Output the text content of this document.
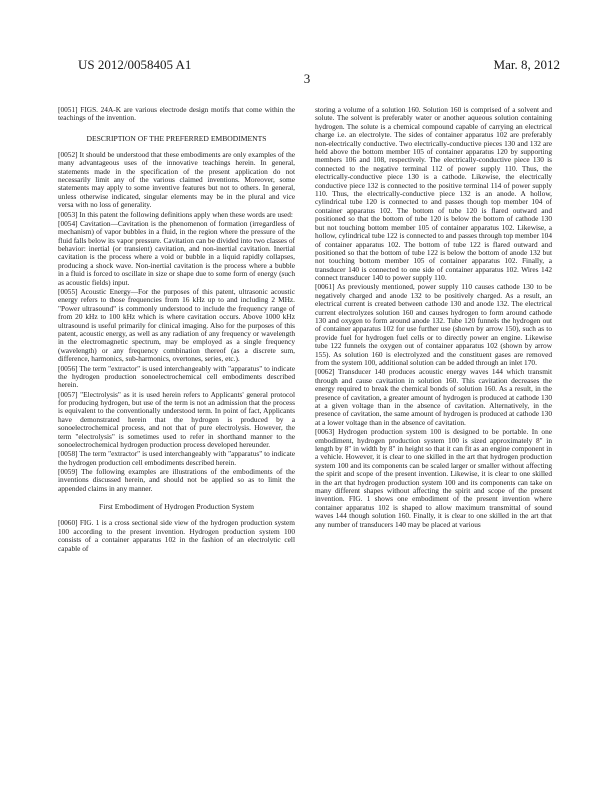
US 2012/0058405 A1	Mar. 8, 2012
3

[0051] FIGS. 24A-K are various electrode design motifs that come within the teachings of the invention.

DESCRIPTION OF THE PREFERRED EMBODIMENTS

[0052] It should be understood that these embodiments are only examples of the many advantageous uses of the innovative teachings herein. In general, statements made in the specification of the present application do not necessarily limit any of the various claimed inventions. Moreover, some statements may apply to some inventive features but not to others. In general, unless otherwise indicated, singular elements may be in the plural and vice versa with no loss of generality.

[0053] In this patent the following definitions apply when these words are used:

[0054] Cavitation—Cavitation is the phenomenon of formation (irregardless of mechanism) of vapor bubbles in a fluid, in the region where the pressure of the fluid falls below its vapor pressure. Cavitation can be divided into two classes of behavior: inertial (or transient) cavitation, and non-inertial cavitation. Inertial cavitation is the process where a void or bubble in a liquid rapidly collapses, producing a shock wave. Non-inertial cavitation is the process where a bubble in a fluid is forced to oscillate in size or shape due to some form of energy (such as acoustic fields) input.

[0055] Acoustic Energy—For the purposes of this patent, ultrasonic acoustic energy refers to those frequencies from 16 kHz up to and including 2 MHz. "Power ultrasound" is commonly understood to include the frequency range of from 20 kHz to 100 kHz which is where cavitation occurs. Above 1000 kHz ultrasound is useful primarily for clinical imaging. Also for the purposes of this patent, acoustic energy, as well as any radiation of any frequency or wavelength in the electromagnetic spectrum, may be employed as a single frequency (wavelength) or any frequency combination thereof (as a discrete sum, difference, harmonics, sub-harmonics, overtones, series, etc.).

[0056] The term "extractor" is used interchangeably with "apparatus" to indicate the hydrogen production sonoelectrochemical cell embodiments described herein.

[0057] "Electrolysis" as it is used herein refers to Applicants' general protocol for producing hydrogen, but use of the term is not an admission that the process is equivalent to the conventionally understood term. In point of fact, Applicants have demonstrated herein that the hydrogen is produced by a sonoelectrochemical process, and not that of pure electrolysis. However, the term "electrolysis" is sometimes used to refer in shorthand manner to the sonoelectrochemical hydrogen production process developed hereunder.

[0058] The term "extractor" is used interchangeably with "apparatus" to indicate the hydrogen production cell embodiments described herein.

[0059] The following examples are illustrations of the embodiments of the inventions discussed herein, and should not be applied so as to limit the appended claims in any manner.

First Embodiment of Hydrogen Production System

[0060] FIG. 1 is a cross sectional side view of the hydrogen production system 100 according to the present invention. Hydrogen production system 100 consists of a container apparatus 102 in the fashion of an electrolytic cell capable of

storing a volume of a solution 160. Solution 160 is comprised of a solvent and solute. The solvent is preferably water or another aqueous solution containing hydrogen. The solute is a chemical compound capable of carrying an electrical charge i.e. an electrolyte. The sides of container apparatus 102 are preferably non-electrically conductive. Two electrically-conductive pieces 130 and 132 are held above the bottom member 105 of container apparatus 120 by supporting members 106 and 108, respectively. The electrically-conductive piece 130 is connected to the negative terminal 112 of power supply 110. Thus, the electrically-conductive piece 130 is a cathode. Likewise, the electrically conductive piece 132 is connected to the positive terminal 114 of power supply 110. Thus, the electrically-conductive piece 132 is an anode. A hollow, cylindrical tube 120 is connected to and passes though top member 104 of container apparatus 102. The bottom of tube 120 is flared outward and positioned so that the bottom of tube 120 is below the bottom of cathode 130 but not touching bottom member 105 of container apparatus 102. Likewise, a hollow, cylindrical tube 122 is connected to and passes through top member 104 of container apparatus 102. The bottom of tube 122 is flared outward and positioned so that the bottom of tube 122 is below the bottom of anode 132 but not touching bottom member 105 of container apparatus 102. Finally, a transducer 140 is connected to one side of container apparatus 102. Wires 142 connect transducer 140 to power supply 110.

[0061] As previously mentioned, power supply 110 causes cathode 130 to be negatively charged and anode 132 to be positively charged. As a result, an electrical current is created between cathode 130 and anode 132. The electrical current electrolyzes solution 160 and causes hydrogen to form around cathode 130 and oxygen to form around anode 132. Tube 120 funnels the hydrogen out of container apparatus 102 for use further use (shown by arrow 150), such as to provide fuel for hydrogen fuel cells or to directly power an engine. Likewise tube 122 funnels the oxygen out of container apparatus 102 (shown by arrow 155). As solution 160 is electrolyzed and the constituent gases are removed from the system 100, additional solution can be added through an inlet 170.

[0062] Transducer 140 produces acoustic energy waves 144 which transmit through and cause cavitation in solution 160. This cavitation decreases the energy required to break the chemical bonds of solution 160. As a result, in the presence of cavitation, a greater amount of hydrogen is produced at cathode 130 at a given voltage than in the absence of cavitation. Alternatively, in the presence of cavitation, the same amount of hydrogen is produced at cathode 130 at a lower voltage than in the absence of cavitation.

[0063] Hydrogen production system 100 is designed to be portable. In one embodiment, hydrogen production system 100 is sized approximately 8" in length by 8" in width by 8" in height so that it can fit as an engine component in a vehicle. However, it is clear to one skilled in the art that hydrogen production system 100 and its components can be scaled larger or smaller without affecting the spirit and scope of the present invention. Likewise, it is clear to one skilled in the art that hydrogen production system 100 and its components can take on many different shapes without affecting the spirit and scope of the present invention. FIG. 1 shows one embodiment of the present invention where container apparatus 102 is shaped to allow maximum transmittal of sound waves 144 though solution 160. Finally, it is clear to one skilled in the art that any number of transducers 140 may be placed at various
